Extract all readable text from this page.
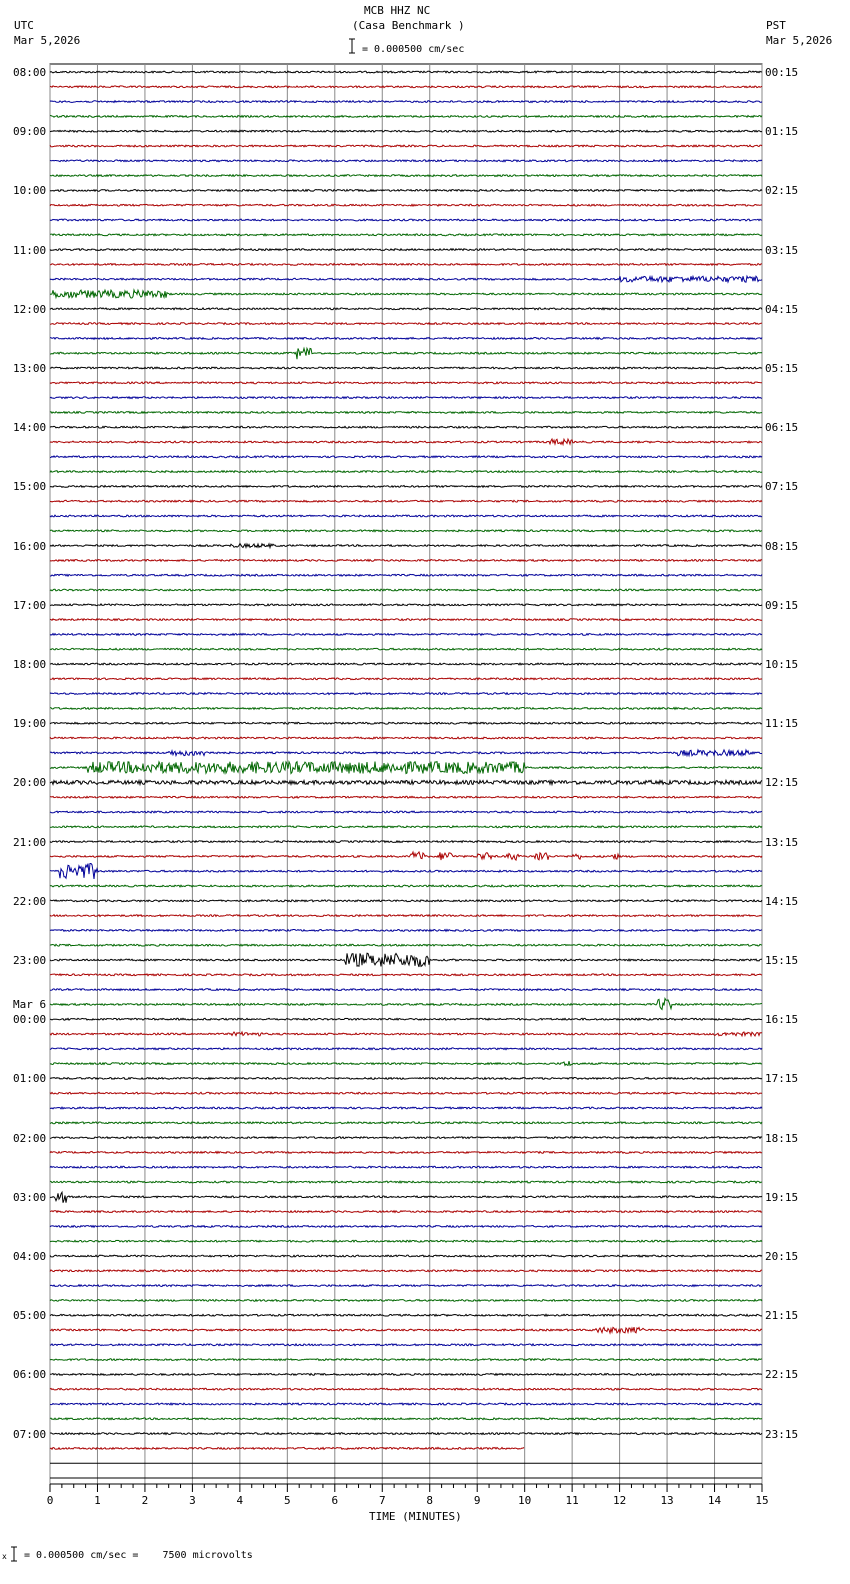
0	1	2	3	4	5	6	7	8	9	10	11	12	13	14	15
MCB HHZ NC
(Casa Benchmark )
= 0.000500 cm/sec
UTC
Mar 5,2026
PST
Mar 5,2026
08:00
09:00
10:00
11:00
12:00
13:00
14:00
15:00
16:00
17:00
18:00
19:00
20:00
21:00
22:00
23:00
00:00
01:00
02:00
03:00
04:00
05:00
06:00
07:00
00:15
01:15
02:15
03:15
04:15
05:15
06:15
07:15
08:15
09:15
10:15
11:15
12:15
13:15
14:15
15:15
16:15
17:15
18:15
19:15
20:15
21:15
22:15
23:15
Mar 6
TIME (MINUTES)
x = 0.000500 cm/sec =    7500 microvolts
